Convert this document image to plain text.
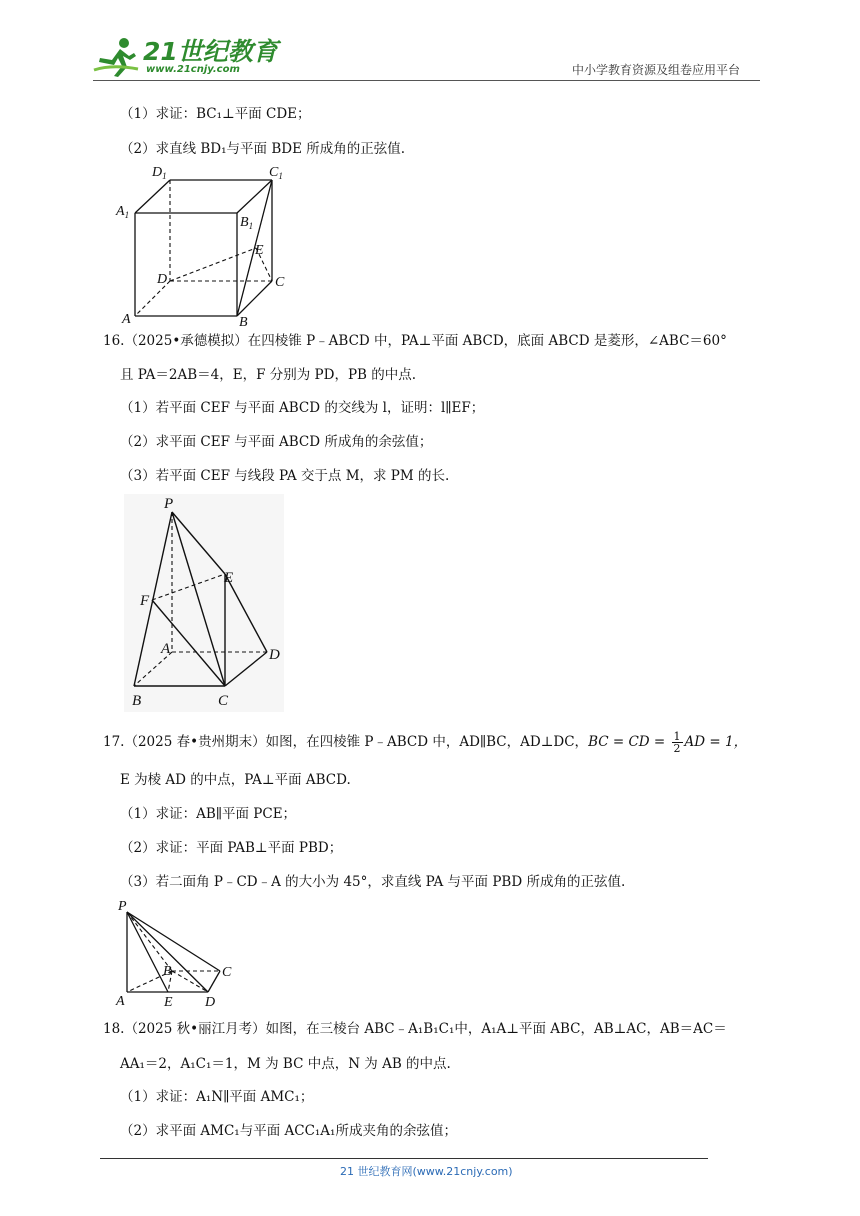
21世纪教育
www.21cnjy.com	中小学教育资源及组卷应用平台
（1）求证：BC₁⊥平面 CDE；
（2）求直线 BD₁与平面 BDE 所成角的正弦值.
$D_1$	$C_1$
$A_1$	$B_1$
E
D	C
A	B
16.（2025•承德模拟）在四棱锥 P﹣ABCD 中，PA⊥平面 ABCD，底面 ABCD 是菱形，∠ABC＝60°
且 PA＝2AB＝4，E，F 分别为 PD，PB 的中点.
（1）若平面 CEF 与平面 ABCD 的交线为 l，证明：l∥EF；
（2）求平面 CEF 与平面 ABCD 所成角的余弦值；
（3）若平面 CEF 与线段 PA 交于点 M，求 PM 的长.
P
E
F
A	D
B	C
17.（2025 春•贵州期末）如图，在四棱锥 P﹣ABCD 中，AD∥BC，AD⊥DC，BC = CD = $\frac{1}{2}$ AD = 1，
E 为棱 AD 的中点，PA⊥平面 ABCD.
（1）求证：AB∥平面 PCE；
（2）求证：平面 PAB⊥平面 PBD；
（3）若二面角 P﹣CD﹣A 的大小为 45°，求直线 PA 与平面 PBD 所成角的正弦值.
P
B	C
A	E D
18.（2025 秋•丽江月考）如图，在三棱台 ABC﹣A₁B₁C₁中，A₁A⊥平面 ABC，AB⊥AC，AB＝AC＝
AA₁＝2，A₁C₁＝1，M 为 BC 中点，N 为 AB 的中点.
（1）求证：A₁N∥平面 AMC₁；
（2）求平面 AMC₁与平面 ACC₁A₁所成夹角的余弦值；
21 世纪教育网(www.21cnjy.com)
